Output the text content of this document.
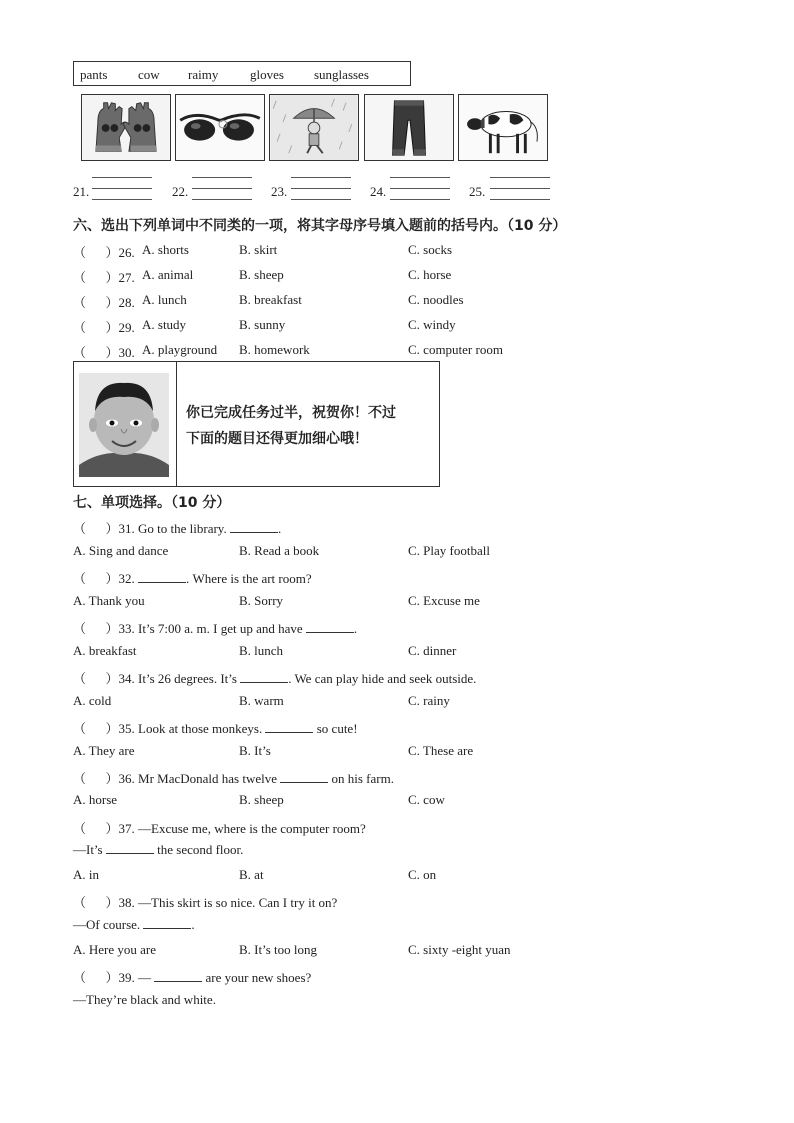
pants cow raimy gloves sunglasses
21.	22.	23.	24.	25.
六、选出下列单词中不同类的一项，将其字母序号填入题前的括号内。（10 分）
（      ）26. A. shorts	B. skirt	C. socks
（      ）27. A. animal	B. sheep	C. horse
（      ）28. A. lunch	B. breakfast	C. noodles
（      ）29. A. study	B. sunny	C. windy
（      ）30. A. playground B. homework	C. computer room
你已完成任务过半，祝贺你！不过
下面的题目还得更加细心哦！
七、单项选择。（10 分）
（      ）31. Go to the library.	.
A. Sing and dance	B. Read a book	C. Play football
（      ）32.	. Where is the art room?
A. Thank you	B. Sorry	C. Excuse me
（      ）33. It’s 7:00 a. m. I get up and have	.
A. breakfast	B. lunch	C. dinner
（      ）34. It’s 26 degrees. It’s	. We can play hide and seek outside.
A. cold	B. warm	C. rainy
（      ）35. Look at those monkeys.	so cute!
A. They are	B. It’s	C. These are
（      ）36. Mr MacDonald has twelve	on his farm.
A. horse	B. sheep	C. cow
（      ）37. —Excuse me, where is the computer room?
—It’s	the second floor.
A. in	B. at	C. on
（      ）38. —This skirt is so nice. Can I try it on?
—Of course.	.
A. Here you are	B. It’s too long	C. sixty -eight yuan
（      ）39. —	are your new shoes?
—They’re black and white.
